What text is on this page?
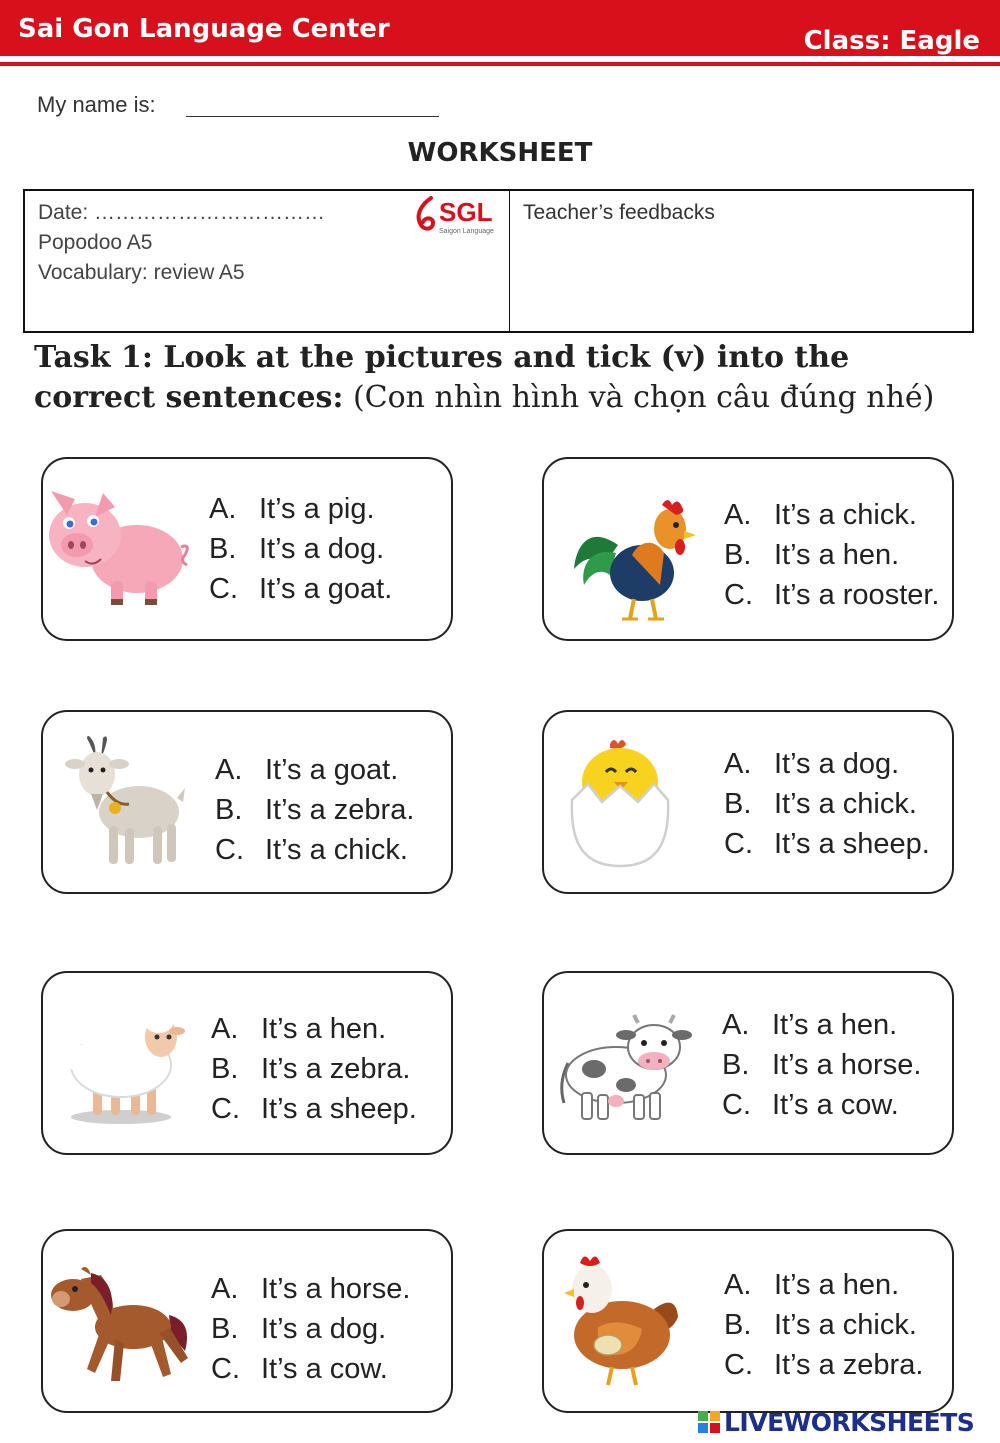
Sai Gon Language Center	Class: Eagle
My name is:
WORKSHEET
Date: ……………………………
Popodoo A5
Vocabulary: review A5
SGL
Saigon Language
Teacher’s feedbacks
Task 1: Look at the pictures and tick (v) into the correct sentences: (Con nhìn hình và chọn câu đúng nhé)
A. It’s a pig.
B. It’s a dog.
C. It’s a goat.
A. It’s a chick.
B. It’s a hen.
C. It’s a rooster.
A. It’s a goat.
B. It’s a zebra.
C. It’s a chick.
A. It’s a dog.
B. It’s a chick.
C. It’s a sheep.
A. It’s a hen.
B. It’s a zebra.
C. It’s a sheep.
A. It’s a hen.
B. It’s a horse.
C. It’s a cow.
A. It’s a horse.
B. It’s a dog.
C. It’s a cow.
A. It’s a hen.
B. It’s a chick.
C. It’s a zebra.
LIVEWORKSHEETS
